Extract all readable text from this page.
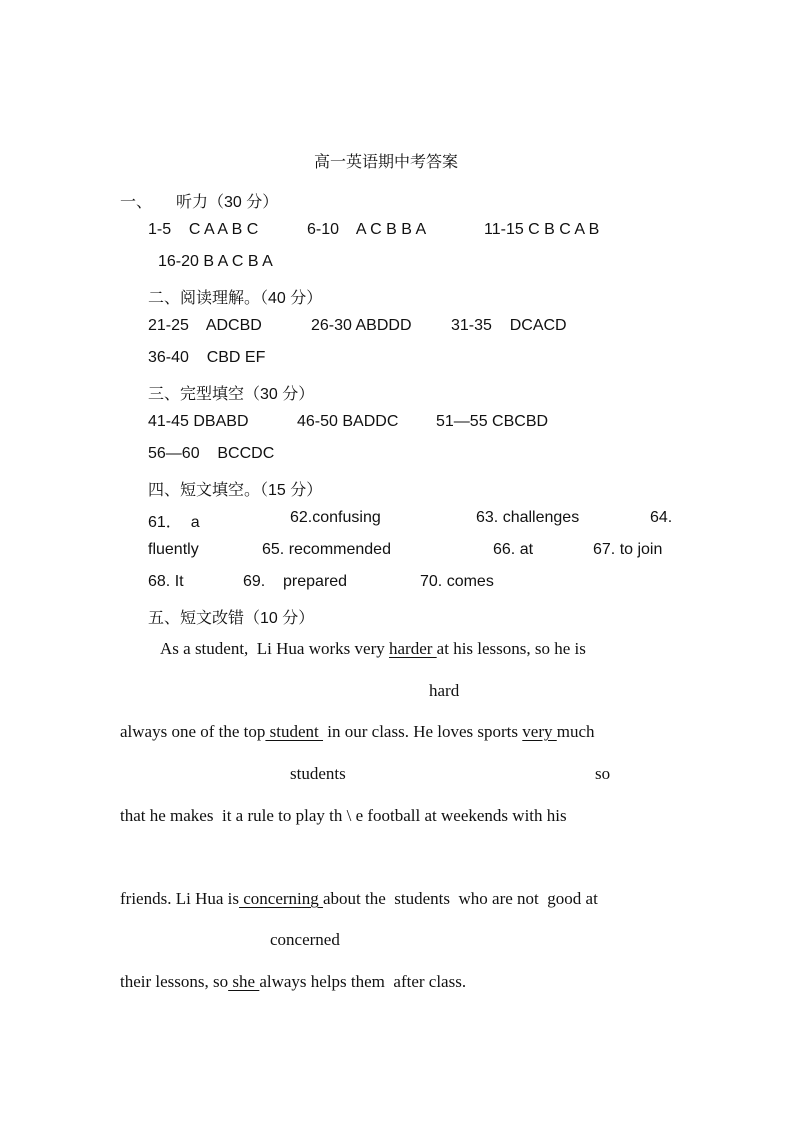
高一英语期中考答案
一、 听力（30 分）
1-5    C A A B C	6-10    A C B B A	11-15 C B C A B
16-20 B A C B A
二、阅读理解。（40 分）
21-25    ADCBD	26-30 ABDDD 31-35    DCACD
36-40    CBD EF
三、完型填空（30 分）
41-45 DBABD	46-50 BADDC 51—55 CBCBD
56—60    BCCDC
四、短文填空。（15 分）
61．  a	62.confusing	63. challenges	64.
fluently	65. recommended	66. at	67. to join
68. It	69.    prepared	70. comes
五、短文改错（10 分）
As a student,  Li Hua works very harder at his lessons, so he is
hard
always one of the top student  in our class. He loves sports very much
students	so
that he makes  it a rule to play th \ e football at weekends with his
friends. Li Hua is concerning about the  students  who are not  good at
concerned
their lessons, so she always helps them  after class.
